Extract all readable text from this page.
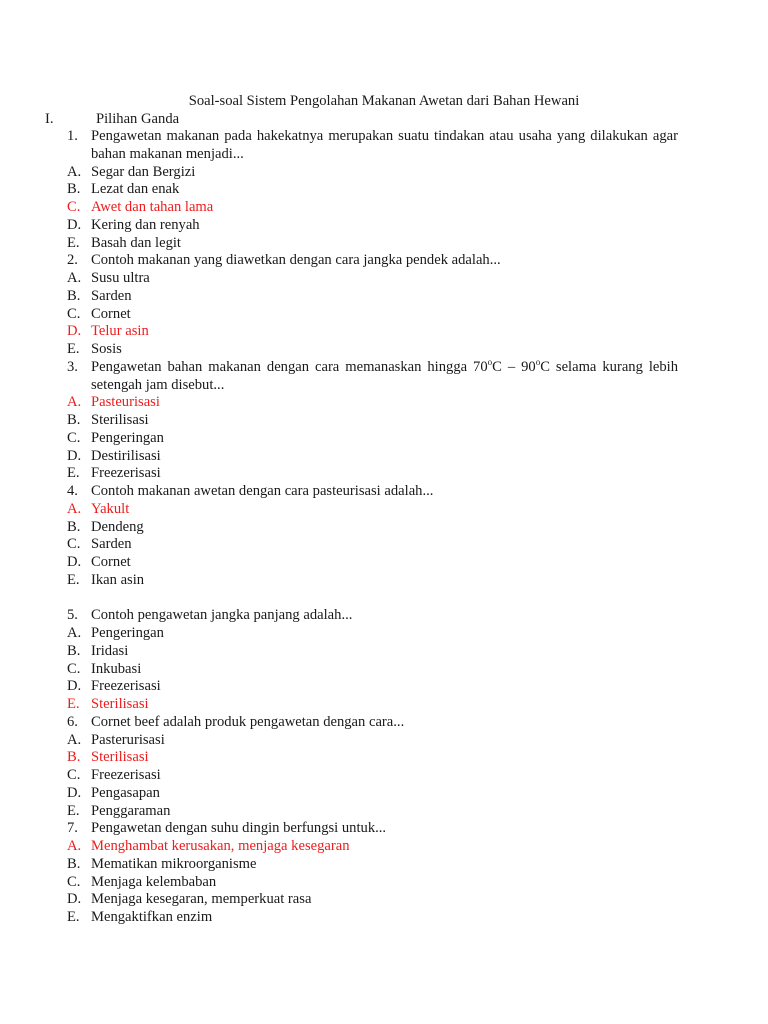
Soal-soal Sistem Pengolahan Makanan Awetan dari Bahan Hewani
I.	Pilihan Ganda
1. Pengawetan makanan pada hakekatnya merupakan suatu tindakan atau usaha yang dilakukan agar bahan makanan menjadi...
A. Segar dan Bergizi
B. Lezat dan enak
C. Awet dan tahan lama
D. Kering dan renyah
E. Basah dan legit
2. Contoh makanan yang diawetkan dengan cara jangka pendek adalah...
A. Susu ultra
B. Sarden
C. Cornet
D. Telur asin
E. Sosis
3. Pengawetan bahan makanan dengan cara memanaskan hingga 70$^o$C – 90$^o$C selama kurang lebih setengah jam disebut...
A. Pasteurisasi
B. Sterilisasi
C. Pengeringan
D. Destirilisasi
E. Freezerisasi
4. Contoh makanan awetan dengan cara pasteurisasi adalah...
A. Yakult
B. Dendeng
C. Sarden
D. Cornet
E. Ikan asin
5. Contoh pengawetan jangka panjang adalah...
A. Pengeringan
B. Iridasi
C. Inkubasi
D. Freezerisasi
E. Sterilisasi
6. Cornet beef adalah produk pengawetan dengan cara...
A. Pasterurisasi
B. Sterilisasi
C. Freezerisasi
D. Pengasapan
E. Penggaraman
7. Pengawetan dengan suhu dingin berfungsi untuk...
A. Menghambat kerusakan, menjaga kesegaran
B. Mematikan mikroorganisme
C. Menjaga kelembaban
D. Menjaga kesegaran, memperkuat rasa
E. Mengaktifkan enzim
